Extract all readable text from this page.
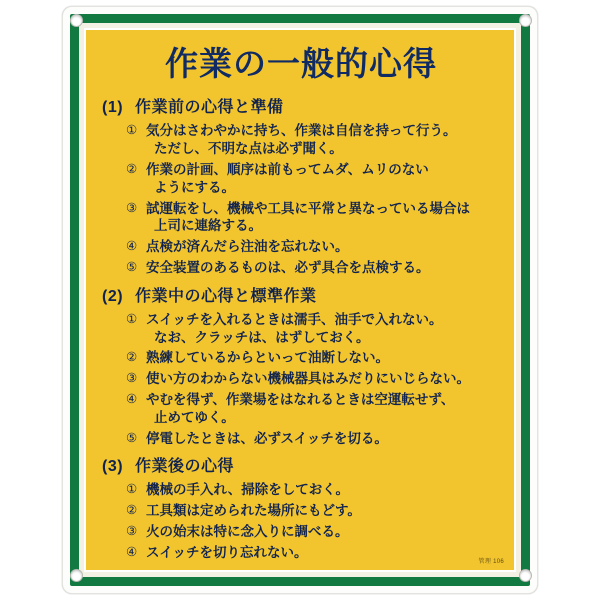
作業の一般的心得
(1) 作業前の心得と準備
① 気分はさわやかに持ち、作業は自信を持って行う。
ただし、不明な点は必ず聞く。
② 作業の計画、順序は前もってムダ、ムリのない
ようにする。
③ 試運転をし、機械や工具に平常と異なっている場合は
上司に連絡する。
④ 点検が済んだら注油を忘れない。
⑤ 安全装置のあるものは、必ず具合を点検する。
(2) 作業中の心得と標準作業
① スイッチを入れるときは濡手、油手で入れない。
なお、クラッチは、はずしておく。
② 熟練しているからといって油断しない。
③ 使い方のわからない機械器具はみだりにいじらない。
④ やむを得ず、作業場をはなれるときは空運転せず、
止めてゆく。
⑤ 停電したときは、必ずスイッチを切る。
(3) 作業後の心得
① 機械の手入れ、掃除をしておく。
② 工具類は定められた場所にもどす。
③ 火の始末は特に念入りに調べる。
④ スイッチを切り忘れない。
管理 106
